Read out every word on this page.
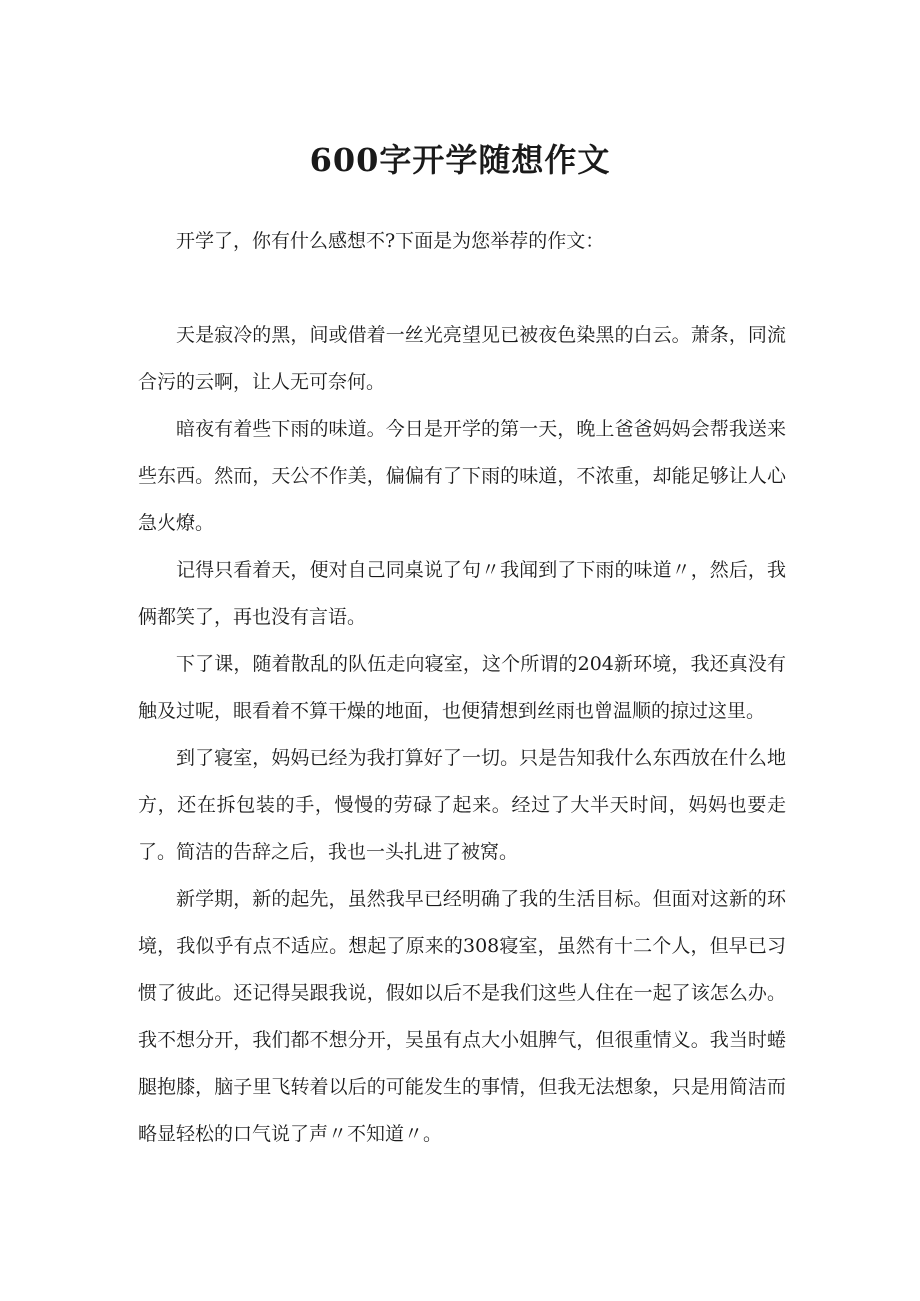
600字开学随想作文

开学了，你有什么感想不?下面是为您举荐的作文：

天是寂冷的黑，间或借着一丝光亮望见已被夜色染黑的白云。萧条，同流合污的云啊，让人无可奈何。

暗夜有着些下雨的味道。今日是开学的第一天，晚上爸爸妈妈会帮我送来些东西。然而，天公不作美，偏偏有了下雨的味道，不浓重，却能足够让人心急火燎。

记得只看着天，便对自己同桌说了句〃我闻到了下雨的味道〃，然后，我俩都笑了，再也没有言语。

下了课，随着散乱的队伍走向寝室，这个所谓的204新环境，我还真没有触及过呢，眼看着不算干燥的地面，也便猜想到丝雨也曾温顺的掠过这里。

到了寝室，妈妈已经为我打算好了一切。只是告知我什么东西放在什么地方，还在拆包装的手，慢慢的劳碌了起来。经过了大半天时间，妈妈也要走了。简洁的告辞之后，我也一头扎进了被窝。

新学期，新的起先，虽然我早已经明确了我的生活目标。但面对这新的环境，我似乎有点不适应。想起了原来的308寝室，虽然有十二个人，但早已习惯了彼此。还记得吴跟我说，假如以后不是我们这些人住在一起了该怎么办。我不想分开，我们都不想分开，吴虽有点大小姐脾气，但很重情义。我当时蜷腿抱膝，脑子里飞转着以后的可能发生的事情，但我无法想象，只是用简洁而略显轻松的口气说了声〃不知道〃。
